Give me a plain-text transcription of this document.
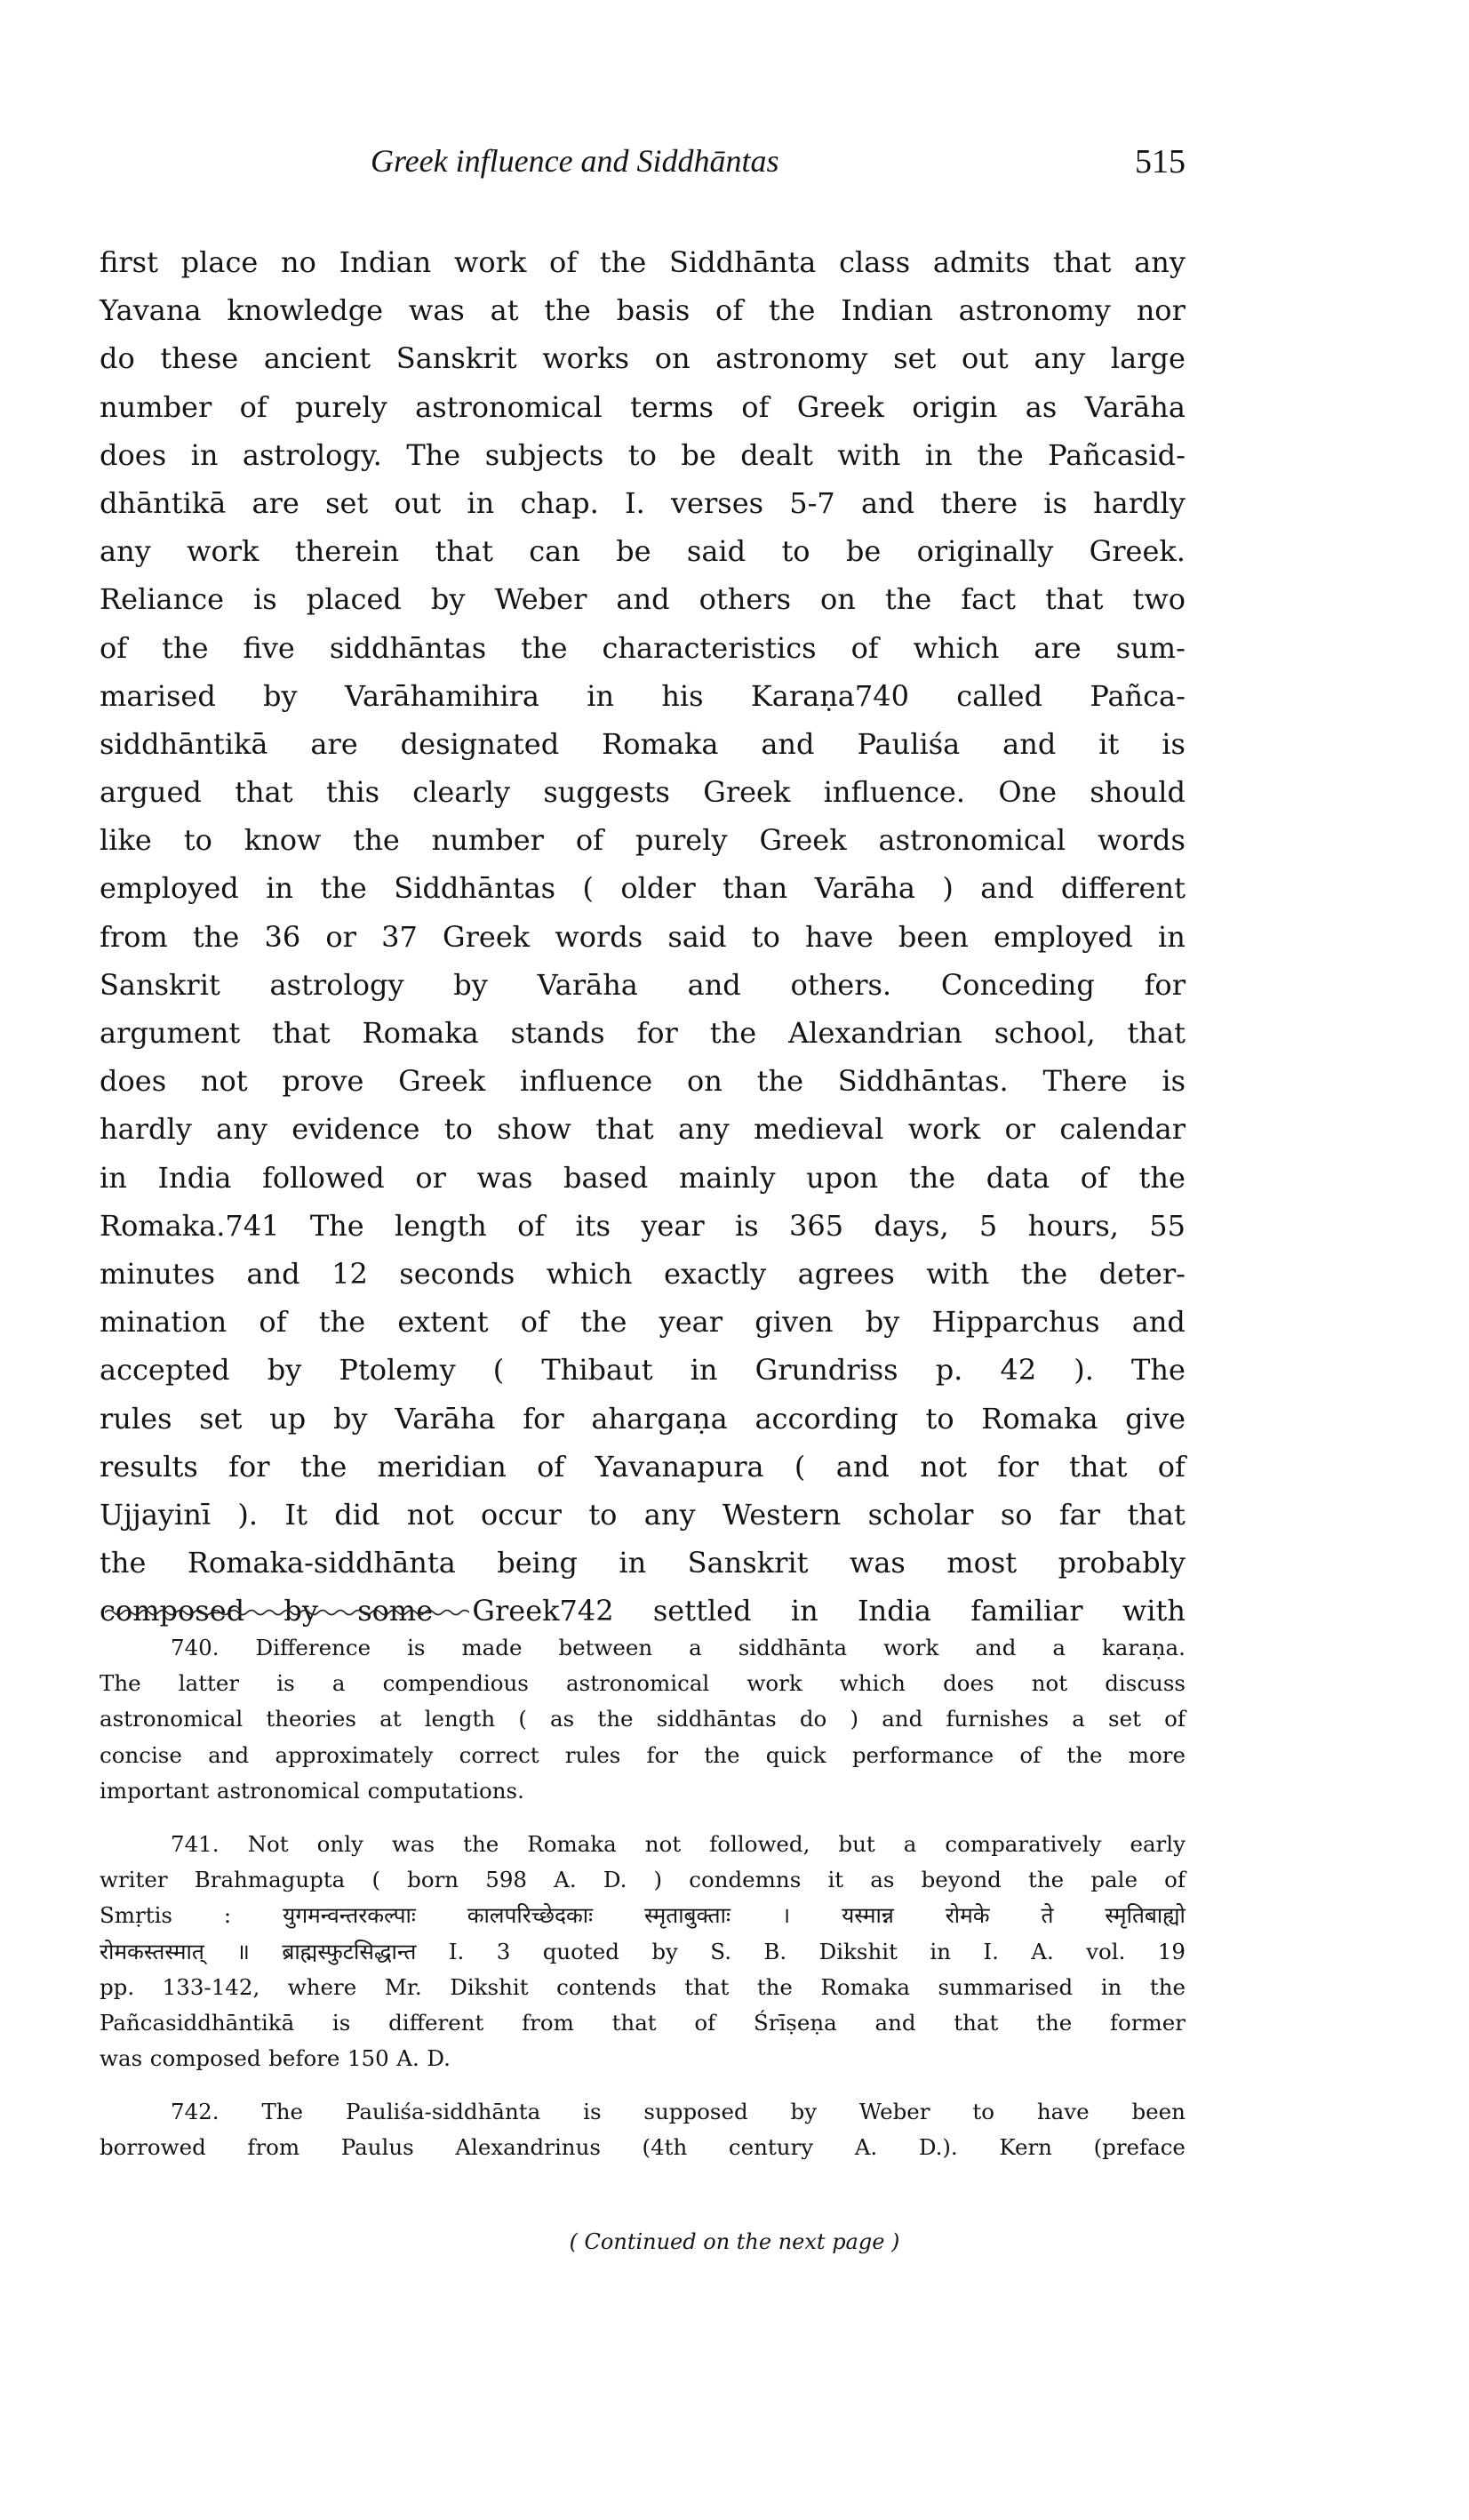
Greek influence and Siddhāntas	515
first place no Indian work of the Siddhānta class admits that any
Yavana knowledge was at the basis of the Indian astronomy nor
do these ancient Sanskrit works on astronomy set out any large
number of purely astronomical terms of Greek origin as Varāha
does in astrology. The subjects to be dealt with in the Pañcasid-
dhāntikā are set out in chap. I. verses 5-7 and there is hardly
any work therein that can be said to be originally Greek.
Reliance is placed by Weber and others on the fact that two
of the five siddhāntas the characteristics of which are sum-
marised by Varāhamihira in his Karaṇa740 called Pañca-
siddhāntikā are designated Romaka and Pauliśa and it is
argued that this clearly suggests Greek influence. One should
like to know the number of purely Greek astronomical words
employed in the Siddhāntas ( older than Varāha ) and different
from the 36 or 37 Greek words said to have been employed in
Sanskrit astrology by Varāha and others. Conceding for
argument that Romaka stands for the Alexandrian school, that
does not prove Greek influence on the Siddhāntas. There is
hardly any evidence to show that any medieval work or calendar
in India followed or was based mainly upon the data of the
Romaka.741 The length of its year is 365 days, 5 hours, 55
minutes and 12 seconds which exactly agrees with the deter-
mination of the extent of the year given by Hipparchus and
accepted by Ptolemy ( Thibaut in Grundriss p. 42 ). The
rules set up by Varāha for ahargaṇa according to Romaka give
results for the meridian of Yavanapura ( and not for that of
Ujjayinī ). It did not occur to any Western scholar so far that
the Romaka-siddhānta being in Sanskrit was most probably
composed by some Greek742 settled in India familiar with
740. Difference is made between a siddhānta work and a karaṇa.
The latter is a compendious astronomical work which does not discuss
astronomical theories at length ( as the siddhāntas do ) and furnishes a set of
concise and approximately correct rules for the quick performance of the more
important astronomical computations.
741. Not only was the Romaka not followed, but a comparatively early
writer Brahmagupta ( born 598 A. D. ) condemns it as beyond the pale of
Smṛtis : युगमन्वन्तरकल्पाः कालपरिच्छेदकाः स्मृताबुक्ताः । यस्मान्न रोमके ते स्मृतिबाह्यो
रोमकस्तस्मात् ॥ ब्राह्मस्फुटसिद्धान्त I. 3 quoted by S. B. Dikshit in I. A. vol. 19
pp. 133-142, where Mr. Dikshit contends that the Romaka summarised in the
Pañcasiddhāntikā is different from that of Śrīṣeṇa and that the former
was composed before 150 A. D.
742. The Pauliśa-siddhānta is supposed by Weber to have been
borrowed from Paulus Alexandrinus (4th century A. D.). Kern (preface
( Continued on the next page )
